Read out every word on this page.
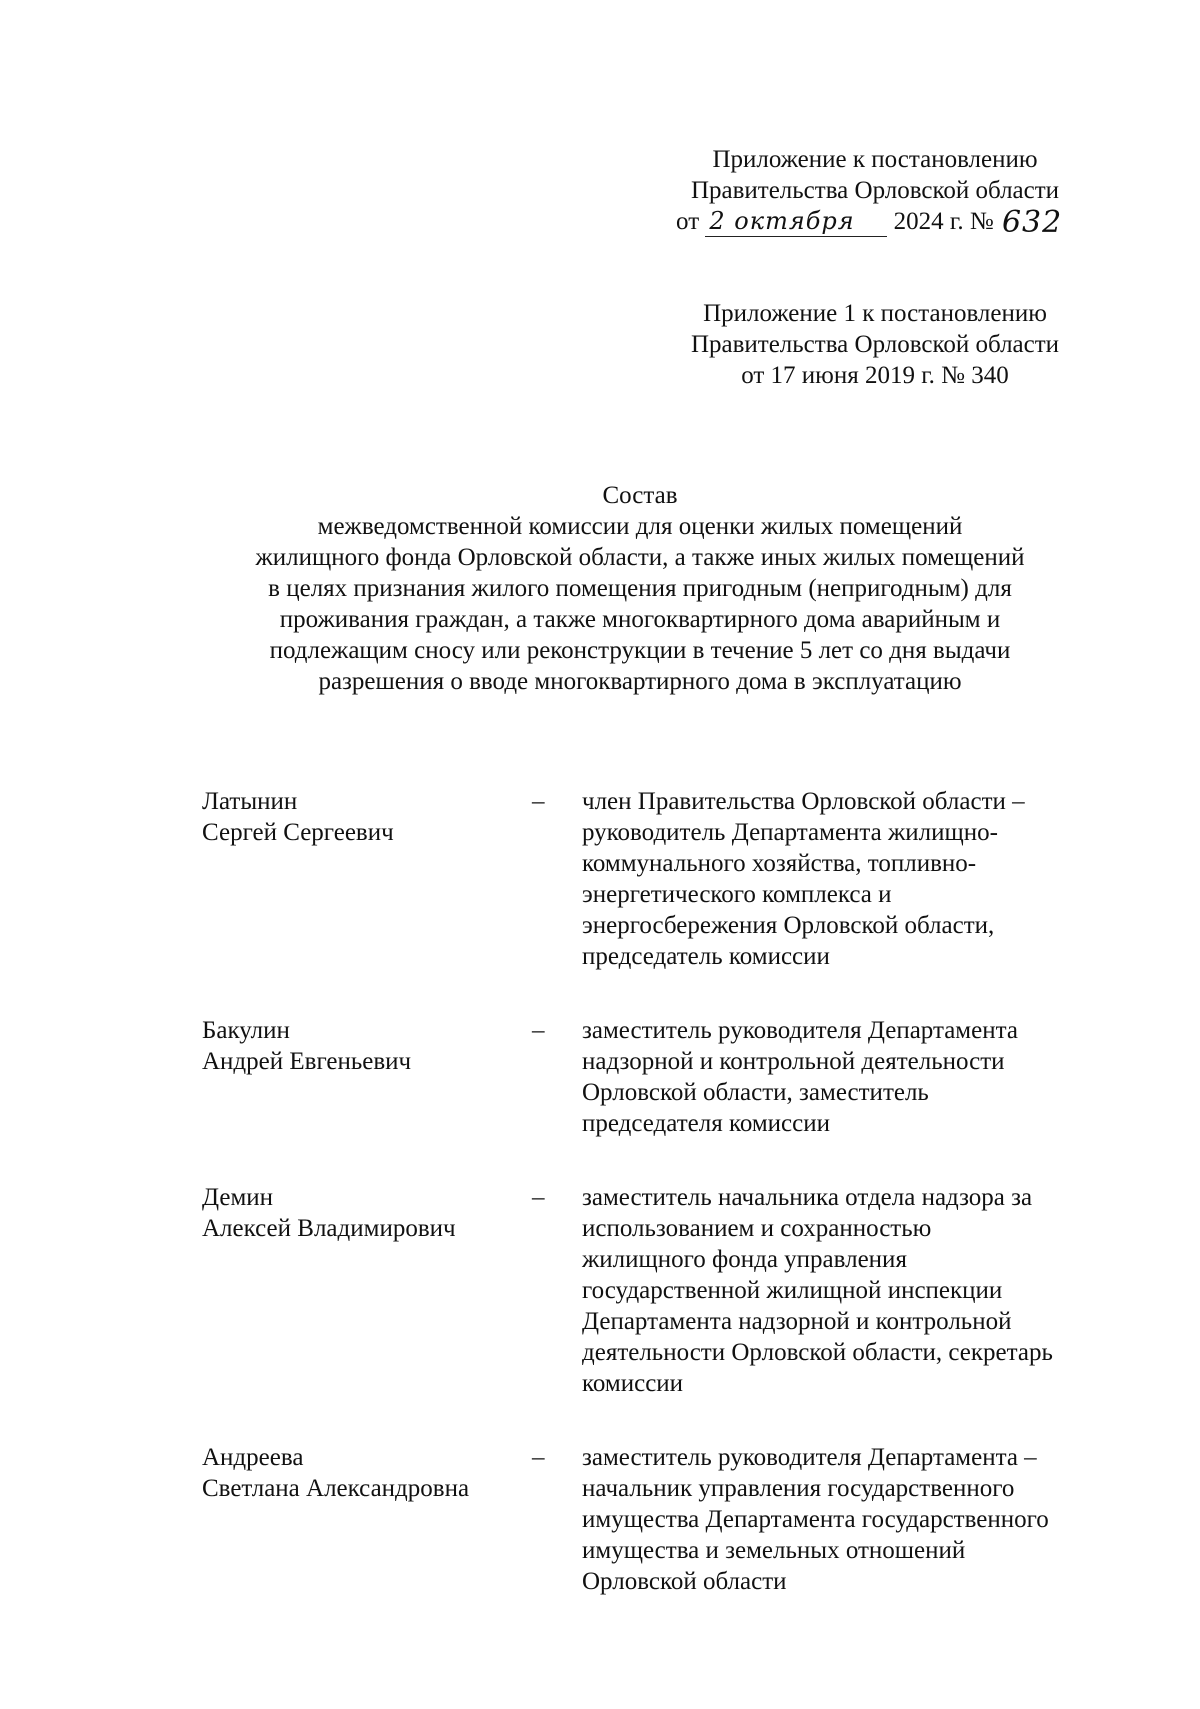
Приложение к постановлению
Правительства Орловской области
от 2 октября 2024 г. № 632
Приложение 1 к постановлению
Правительства Орловской области
от 17 июня 2019 г. № 340
Состав
межведомственной комиссии для оценки жилых помещений
жилищного фонда Орловской области, а также иных жилых помещений
в целях признания жилого помещения пригодным (непригодным) для
проживания граждан, а также многоквартирного дома аварийным и
подлежащим сносу или реконструкции в течение 5 лет со дня выдачи
разрешения о вводе многоквартирного дома в эксплуатацию
Латынин
Сергей Сергеевич
–	член Правительства Орловской области –
руководитель Департамента жилищно-
коммунального хозяйства, топливно-
энергетического комплекса и
энергосбережения Орловской области,
председатель комиссии
Бакулин
Андрей Евгеньевич
–	заместитель руководителя Департамента
надзорной и контрольной деятельности
Орловской области, заместитель
председателя комиссии
Демин
Алексей Владимирович
–	заместитель начальника отдела надзора за
использованием и сохранностью
жилищного фонда управления
государственной жилищной инспекции
Департамента надзорной и контрольной
деятельности Орловской области, секретарь
комиссии
Андреева
Светлана Александровна
–	заместитель руководителя Департамента –
начальник управления государственного
имущества Департамента государственного
имущества и земельных отношений
Орловской области
